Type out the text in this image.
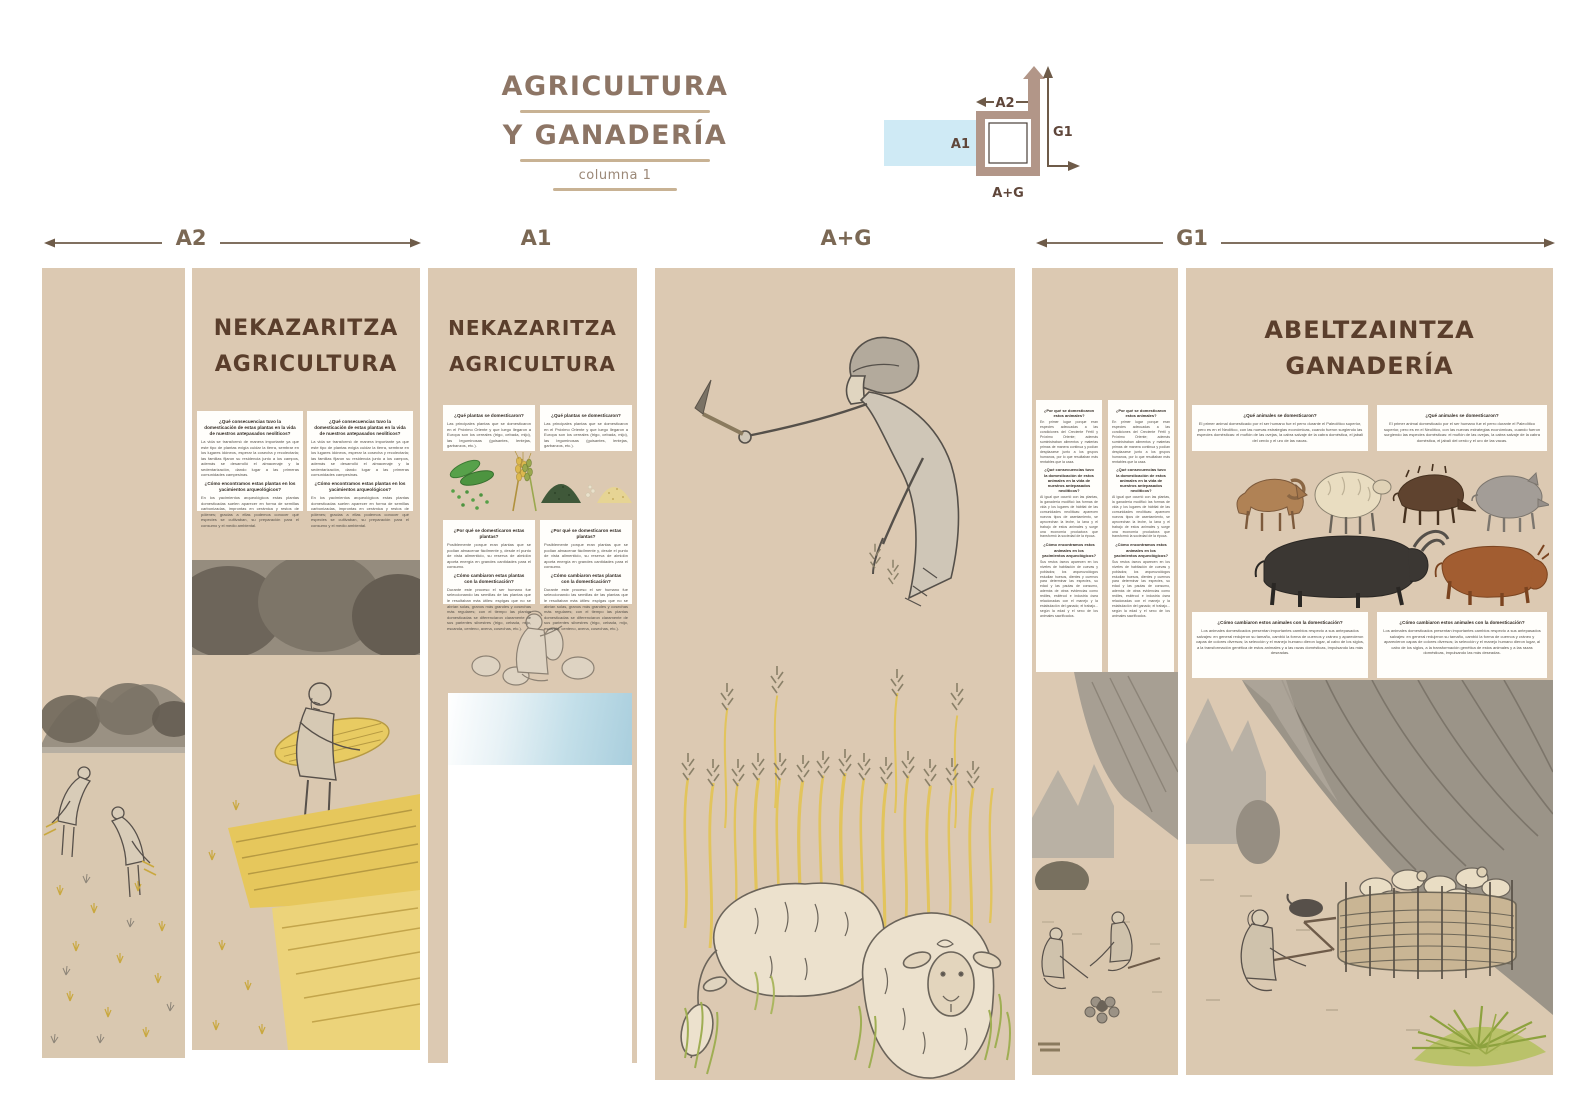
AGRICULTURA
Y GANADERÍA
columna 1
A2
G1
A1
A+G
A2	A1	A+G	G1
NEKAZARITZA
AGRICULTURA
¿Qué consecuencias tuvo la domesticación de estas plantas en la vida de nuestros antepasados neolíticos?
La vida se transformó de manera importante ya que este tipo de plantas exigía cuidar la tierra, sembrar en los lugares idóneos, esperar la cosecha y recolectarla; las familias fijaron su residencia junto a los campos, además se desarrolló el almacenaje y la sedentarización, dando lugar a las primeras comunidades campesinas.
¿Cómo encontramos estas plantas en los yacimientos arqueológicos?
En los yacimientos arqueológicos estas plantas domesticadas suelen aparecer en forma de semillas carbonizadas, improntas en cerámica y restos de pólenes; gracias a ellas podemos conocer qué especies se cultivaban, su preparación para el consumo y el medio ambiental.
¿Qué consecuencias tuvo la domesticación de estas plantas en la vida de nuestros antepasados neolíticos?
La vida se transformó de manera importante ya que este tipo de plantas exigía cuidar la tierra, sembrar en los lugares idóneos, esperar la cosecha y recolectarla; las familias fijaron su residencia junto a los campos, además se desarrolló el almacenaje y la sedentarización, dando lugar a las primeras comunidades campesinas.
¿Cómo encontramos estas plantas en los yacimientos arqueológicos?
En los yacimientos arqueológicos estas plantas domesticadas suelen aparecer en forma de semillas carbonizadas, improntas en cerámica y restos de pólenes; gracias a ellas podemos conocer qué especies se cultivaban, su preparación para el consumo y el medio ambiental.
NEKAZARITZA
AGRICULTURA
¿Qué plantas se domesticaron?
Las principales plantas que se domesticaron en el Próximo Oriente y que luego llegaron a Europa son los cereales (trigo, cebada, mijo), las leguminosas (guisantes, lentejas, garbanzos, etc.).
¿Qué plantas se domesticaron?
Las principales plantas que se domesticaron en el Próximo Oriente y que luego llegaron a Europa son los cereales (trigo, cebada, mijo), las leguminosas (guisantes, lentejas, garbanzos, etc.).
¿Por qué se domesticaron estas plantas?
Posiblemente porque eran plantas que se podían almacenar fácilmente y, desde el punto de vista alimenticio, su reserva de almidón aporta energía en grandes cantidades para el consumo.
¿Cómo cambiaron estas plantas con la domesticación?
Durante este proceso el ser humano fue seleccionando las semillas de las plantas que le resultaban más útiles: espigas que no se abrían solas, granos más grandes y cosechas más regulares; con el tiempo las plantas domesticadas se diferenciaron claramente de sus parientes silvestres (trigo, cebada, mijo, escanda, centeno, avena, cosechas, etc.).
¿Por qué se domesticaron estas plantas?
Posiblemente porque eran plantas que se podían almacenar fácilmente y, desde el punto de vista alimenticio, su reserva de almidón aporta energía en grandes cantidades para el consumo.
¿Cómo cambiaron estas plantas con la domesticación?
Durante este proceso el ser humano fue seleccionando las semillas de las plantas que le resultaban más útiles: espigas que no se abrían solas, granos más grandes y cosechas más regulares; con el tiempo las plantas domesticadas se diferenciaron claramente de sus parientes silvestres (trigo, cebada, mijo, escanda, centeno, avena, cosechas, etc.).
¿Por qué se domesticaron estos animales?
En primer lugar porque eran especies adecuadas a las condiciones del Creciente Fértil y Próximo Oriente; además suministraban alimentos y materias primas de manera continua y podían desplazarse junto a los grupos humanos, por lo que resultaban más rentables que la caza.
¿Qué consecuencias tuvo la domesticación de estos animales en la vida de nuestros antepasados neolíticos?
Al igual que ocurrió con las plantas, la ganadería modificó las formas de vida y los lugares de hábitat de las comunidades neolíticas: aparecen nuevos tipos de asentamiento, se aprovechan la leche, la lana y el trabajo de estos animales y surge una economía productora que transformó la sociedad de la época.
¿Cómo encontramos estos animales en los yacimientos arqueológicos?
Sus restos óseos aparecen en los niveles de habitación de cuevas y poblados; los arqueozoólogos estudian huesos, dientes y cuernos para determinar las especies, su edad y las pautas de consumo, además de otras evidencias como rediles, estiércol e industria ósea relacionadas con el manejo y la estabulación del ganado; el trabajo... según la edad y el sexo de los animales sacrificados.
¿Por qué se domesticaron estos animales?
En primer lugar porque eran especies adecuadas a las condiciones del Creciente Fértil y Próximo Oriente; además suministraban alimentos y materias primas de manera continua y podían desplazarse junto a los grupos humanos, por lo que resultaban más rentables que la caza.
¿Qué consecuencias tuvo la domesticación de estos animales en la vida de nuestros antepasados neolíticos?
Al igual que ocurrió con las plantas, la ganadería modificó las formas de vida y los lugares de hábitat de las comunidades neolíticas: aparecen nuevos tipos de asentamiento, se aprovechan la leche, la lana y el trabajo de estos animales y surge una economía productora que transformó la sociedad de la época.
¿Cómo encontramos estos animales en los yacimientos arqueológicos?
Sus restos óseos aparecen en los niveles de habitación de cuevas y poblados; los arqueozoólogos estudian huesos, dientes y cuernos para determinar las especies, su edad y las pautas de consumo, además de otras evidencias como rediles, estiércol e industria ósea relacionadas con el manejo y la estabulación del ganado; el trabajo... según la edad y el sexo de los animales sacrificados.
ABELTZAINTZA
GANADERÍA
¿Qué animales se domesticaron?
El primer animal domesticado por el ser humano fue el perro durante el Paleolítico superior, pero es en el Neolítico, con las nuevas estrategias económicas, cuando fueron surgiendo las especies domésticas: el muflón de las ovejas, la cabra salvaje de la cabra doméstica, el jabalí del cerdo y el uro de las vacas.
¿Qué animales se domesticaron?
El primer animal domesticado por el ser humano fue el perro durante el Paleolítico superior, pero es en el Neolítico, con las nuevas estrategias económicas, cuando fueron surgiendo las especies domésticas: el muflón de las ovejas, la cabra salvaje de la cabra doméstica, el jabalí del cerdo y el uro de las vacas.
¿Cómo cambiaron estos animales con la domesticación?
Los animales domesticados presentan importantes cambios respecto a sus antepasados salvajes: en general redujeron su tamaño, cambió la forma de cuernos y cráneo y aparecieron capas de colores diversos; la selección y el manejo humano dieron lugar, al cabo de los siglos, a la transformación genética de estos animales y a las razas domésticas, impulsando las más deseadas.
¿Cómo cambiaron estos animales con la domesticación?
Los animales domesticados presentan importantes cambios respecto a sus antepasados salvajes: en general redujeron su tamaño, cambió la forma de cuernos y cráneo y aparecieron capas de colores diversos; la selección y el manejo humano dieron lugar, al cabo de los siglos, a la transformación genética de estos animales y a las razas domésticas, impulsando las más deseadas.
